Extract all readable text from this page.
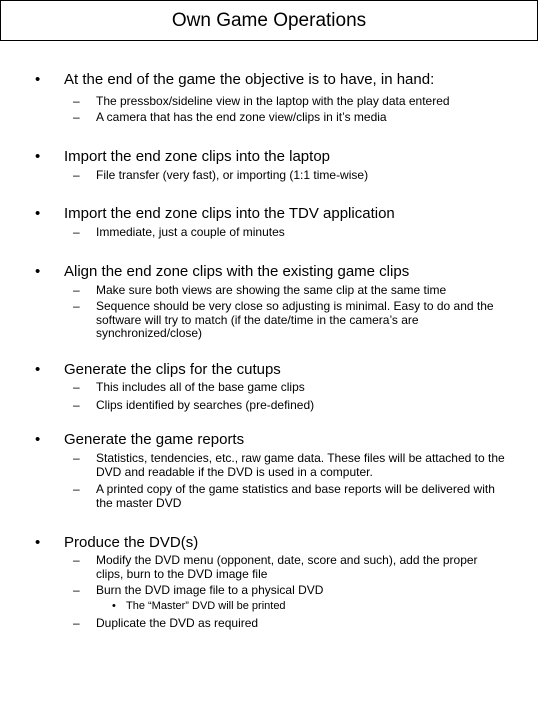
Own Game Operations
• At the end of the game the objective is to have, in hand:
– The pressbox/sideline view in the laptop with the play data entered
– A camera that has the end zone view/clips in it’s media
• Import the end zone clips into the laptop
– File transfer (very fast), or importing (1:1 time-wise)
• Import the end zone clips into the TDV application
– Immediate, just a couple of minutes
• Align the end zone clips with the existing game clips
– Make sure both views are showing the same clip at the same time
– Sequence should be very close so adjusting is minimal. Easy to do and the software will try to match (if the date/time in the camera’s are synchronized/close)
• Generate the clips for the cutups
– This includes all of the base game clips
– Clips identified by searches (pre-defined)
• Generate the game reports
– Statistics, tendencies, etc., raw game data. These files will be attached to the DVD and readable if the DVD is used in a computer.
– A printed copy of the game statistics and base reports will be delivered with the master DVD
• Produce the DVD(s)
– Modify the DVD menu (opponent, date, score and such), add the proper clips, burn to the DVD image file
– Burn the DVD image file to a physical DVD
• The “Master” DVD will be printed
– Duplicate the DVD as required
